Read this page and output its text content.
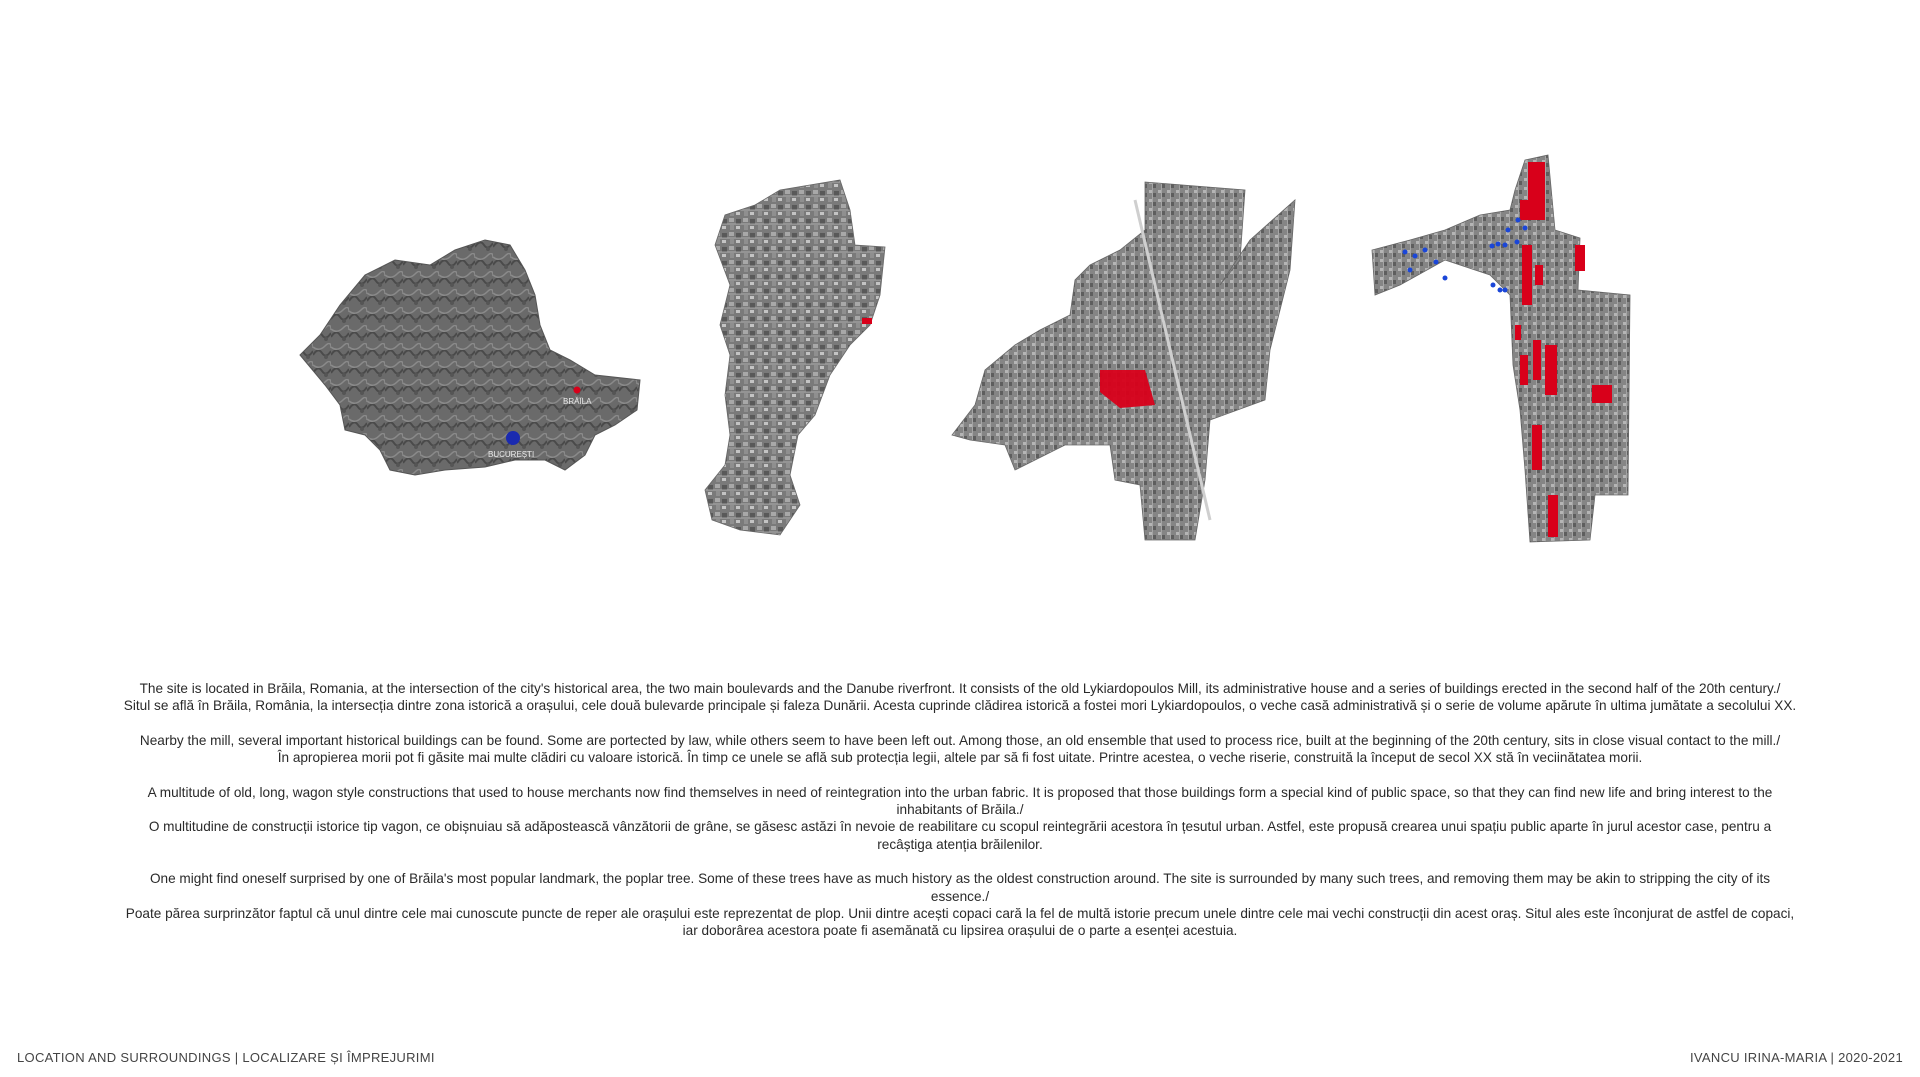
BRĂILA
BUCUREȘTI

The site is located in Brăila, Romania, at the intersection of the city's historical area, the two main boulevards and the Danube riverfront. It consists of the old Lykiardopoulos Mill, its administrative house and a series of buildings erected in the second half of the 20th century./

Situl se află în Brăila, România, la intersecția dintre zona istorică a orașului, cele două bulevarde principale și faleza Dunării. Acesta cuprinde clădirea istorică a fostei mori Lykiardopoulos, o veche casă administrativă și o serie de volume apărute în ultima jumătate a secolului XX.

Nearby the mill, several important historical buildings can be found. Some are portected by law, while others seem to have been left out. Among those, an old ensemble that used to process rice, built at the beginning of the 20th century, sits in close visual contact to the mill./

În apropierea morii pot fi găsite mai multe clădiri cu valoare istorică. În timp ce unele se află sub protecția legii, altele par să fi fost uitate. Printre acestea, o veche riserie, construită la început de secol XX stă în veciinătatea morii.

A multitude of old, long, wagon style constructions that used to house merchants now find themselves in need of reintegration into the urban fabric. It is proposed that those buildings form a special kind of public space, so that they can find new life and bring interest to the inhabitants of Brăila./

O multitudine de construcții istorice tip vagon, ce obișnuiau să adăpostească vânzătorii de grâne, se găsesc astăzi în nevoie de reabilitare cu scopul reintegrării acestora în țesutul urban. Astfel, este propusă crearea unui spațiu public aparte în jurul acestor case, pentru a recâștiga atenția brăilenilor.

One might find oneself surprised by one of Brăila's most popular landmark, the poplar tree. Some of these trees have as much history as the oldest construction around. The site is surrounded by many such trees, and removing them may be akin to stripping the city of its essence./

Poate părea surprinzător faptul că unul dintre cele mai cunoscute puncte de reper ale orașului este reprezentat de plop. Unii dintre acești copaci cară la fel de multă istorie precum unele dintre cele mai vechi construcții din acest oraș. Situl ales este înconjurat de astfel de copaci, iar doborârea acestora poate fi asemănată cu lipsirea orașului de o parte a esenței acestuia.

LOCATION AND SURROUNDINGS | LOCALIZARE ȘI ÎMPREJURIMI	IVANCU IRINA-MARIA | 2020-2021
